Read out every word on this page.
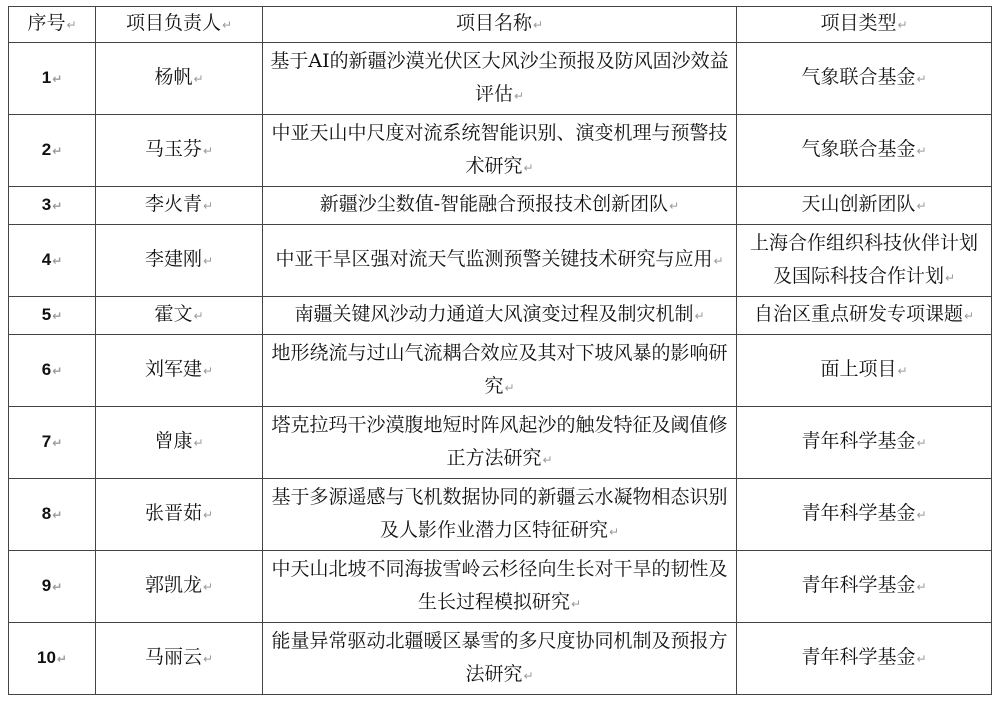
序号 ↵	项目负责人 ↵	项目名称 ↵	项目类型 ↵
1 ↵	杨帆 ↵	基于AI的新疆沙漠光伏区大风沙尘预报及防风固沙效益评估 ↵	气象联合基金 ↵
2 ↵	马玉芬 ↵	中亚天山中尺度对流系统智能识别、演变机理与预警技术研究 ↵	气象联合基金 ↵
3 ↵	李火青 ↵	新疆沙尘数值-智能融合预报技术创新团队 ↵	天山创新团队 ↵
4 ↵	李建刚 ↵	中亚干旱区强对流天气监测预警关键技术研究与应用 ↵	上海合作组织科技伙伴计划及国际科技合作计划 ↵
5 ↵	霍文 ↵	南疆关键风沙动力通道大风演变过程及制灾机制 ↵	自治区重点研发专项课题 ↵
6 ↵	刘军建 ↵	地形绕流与过山气流耦合效应及其对下坡风暴的影响研究 ↵	面上项目 ↵
7 ↵	曾康 ↵	塔克拉玛干沙漠腹地短时阵风起沙的触发特征及阈值修正方法研究 ↵	青年科学基金 ↵
8 ↵	张晋茹 ↵	基于多源遥感与飞机数据协同的新疆云水凝物相态识别及人影作业潜力区特征研究 ↵	青年科学基金 ↵
9 ↵	郭凯龙 ↵	中天山北坡不同海拔雪岭云杉径向生长对干旱的韧性及生长过程模拟研究 ↵	青年科学基金 ↵
10 ↵	马丽云 ↵	能量异常驱动北疆暖区暴雪的多尺度协同机制及预报方法研究 ↵	青年科学基金 ↵
